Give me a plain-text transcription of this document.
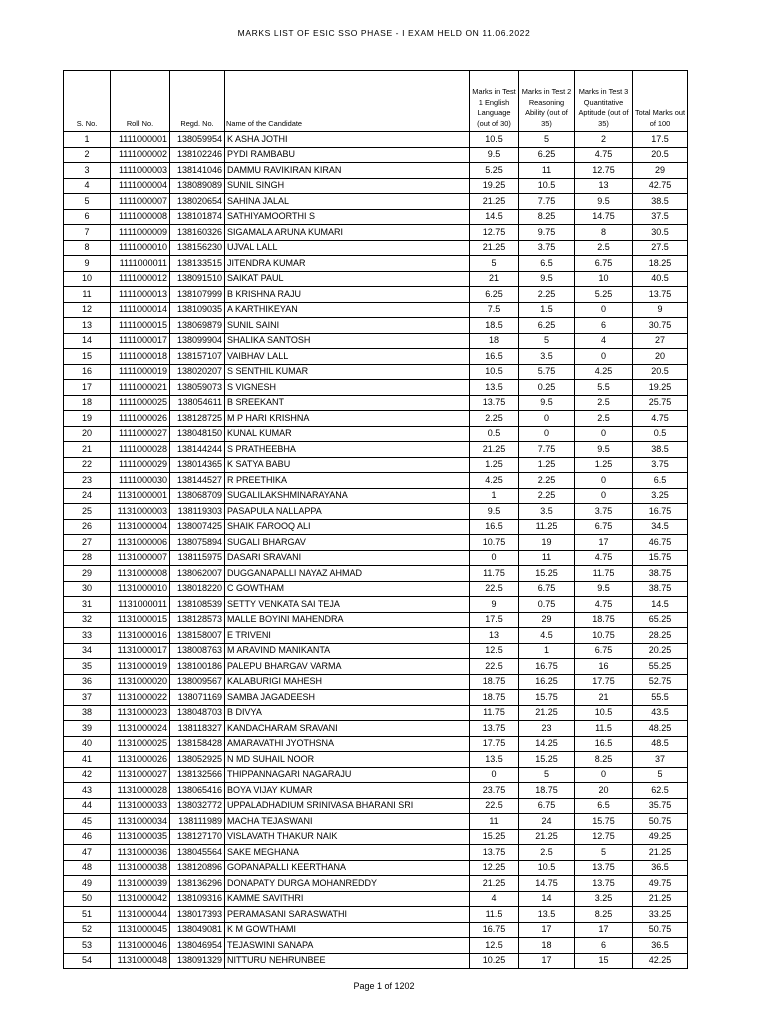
MARKS LIST OF ESIC SSO PHASE - I EXAM HELD ON 11.06.2022
S. No.	Roll No.	Regd. No.	Name of the Candidate	Marks in Test 1 English Language (out of 30)	Marks in Test 2 Reasoning Ability (out of 35)	Marks in Test 3 Quantitative Aptitude (out of 35)	Total Marks out of 100
1	1111000001	138059954	K ASHA JOTHI	10.5	5	2	17.5
2	1111000002	138102246	PYDI RAMBABU	9.5	6.25	4.75	20.5
3	1111000003	138141046	DAMMU RAVIKIRAN KIRAN	5.25	11	12.75	29
4	1111000004	138089089	SUNIL SINGH	19.25	10.5	13	42.75
5	1111000007	138020654	SAHINA JALAL	21.25	7.75	9.5	38.5
6	1111000008	138101874	SATHIYAMOORTHI S	14.5	8.25	14.75	37.5
7	1111000009	138160326	SIGAMALA ARUNA KUMARI	12.75	9.75	8	30.5
8	1111000010	138156230	UJVAL LALL	21.25	3.75	2.5	27.5
9	1111000011	138133515	JITENDRA KUMAR	5	6.5	6.75	18.25
10	1111000012	138091510	SAIKAT PAUL	21	9.5	10	40.5
11	1111000013	138107999	B KRISHNA RAJU	6.25	2.25	5.25	13.75
12	1111000014	138109035	A KARTHIKEYAN	7.5	1.5	0	9
13	1111000015	138069879	SUNIL SAINI	18.5	6.25	6	30.75
14	1111000017	138099904	SHALIKA SANTOSH	18	5	4	27
15	1111000018	138157107	VAIBHAV LALL	16.5	3.5	0	20
16	1111000019	138020207	S SENTHIL KUMAR	10.5	5.75	4.25	20.5
17	1111000021	138059073	S VIGNESH	13.5	0.25	5.5	19.25
18	1111000025	138054611	B SREEKANT	13.75	9.5	2.5	25.75
19	1111000026	138128725	M P HARI KRISHNA	2.25	0	2.5	4.75
20	1111000027	138048150	KUNAL KUMAR	0.5	0	0	0.5
21	1111000028	138144244	S PRATHEEBHA	21.25	7.75	9.5	38.5
22	1111000029	138014365	K SATYA BABU	1.25	1.25	1.25	3.75
23	1111000030	138144527	R PREETHIKA	4.25	2.25	0	6.5
24	1131000001	138068709	SUGALILAKSHMINARAYANA	1	2.25	0	3.25
25	1131000003	138119303	PASAPULA NALLAPPA	9.5	3.5	3.75	16.75
26	1131000004	138007425	SHAIK FAROOQ ALI	16.5	11.25	6.75	34.5
27	1131000006	138075894	SUGALI BHARGAV	10.75	19	17	46.75
28	1131000007	138115975	DASARI SRAVANI	0	11	4.75	15.75
29	1131000008	138062007	DUGGANAPALLI NAYAZ AHMAD	11.75	15.25	11.75	38.75
30	1131000010	138018220	C GOWTHAM	22.5	6.75	9.5	38.75
31	1131000011	138108539	SETTY VENKATA SAI TEJA	9	0.75	4.75	14.5
32	1131000015	138128573	MALLE BOYINI MAHENDRA	17.5	29	18.75	65.25
33	1131000016	138158007	E TRIVENI	13	4.5	10.75	28.25
34	1131000017	138008763	M ARAVIND MANIKANTA	12.5	1	6.75	20.25
35	1131000019	138100186	PALEPU BHARGAV VARMA	22.5	16.75	16	55.25
36	1131000020	138009567	KALABURIGI MAHESH	18.75	16.25	17.75	52.75
37	1131000022	138071169	SAMBA JAGADEESH	18.75	15.75	21	55.5
38	1131000023	138048703	B DIVYA	11.75	21.25	10.5	43.5
39	1131000024	138118327	KANDACHARAM SRAVANI	13.75	23	11.5	48.25
40	1131000025	138158428	AMARAVATHI JYOTHSNA	17.75	14.25	16.5	48.5
41	1131000026	138052925	N MD SUHAIL NOOR	13.5	15.25	8.25	37
42	1131000027	138132566	THIPPANNAGARI NAGARAJU	0	5	0	5
43	1131000028	138065416	BOYA VIJAY KUMAR	23.75	18.75	20	62.5
44	1131000033	138032772	UPPALADHADIUM SRINIVASA BHARANI SRI	22.5	6.75	6.5	35.75
45	1131000034	138111989	MACHA TEJASWANI	11	24	15.75	50.75
46	1131000035	138127170	VISLAVATH THAKUR NAIK	15.25	21.25	12.75	49.25
47	1131000036	138045564	SAKE MEGHANA	13.75	2.5	5	21.25
48	1131000038	138120896	GOPANAPALLI KEERTHANA	12.25	10.5	13.75	36.5
49	1131000039	138136296	DONAPATY DURGA MOHANREDDY	21.25	14.75	13.75	49.75
50	1131000042	138109316	KAMME SAVITHRI	4	14	3.25	21.25
51	1131000044	138017393	PERAMASANI SARASWATHI	11.5	13.5	8.25	33.25
52	1131000045	138049081	K M GOWTHAMI	16.75	17	17	50.75
53	1131000046	138046954	TEJASWINI SANAPA	12.5	18	6	36.5
54	1131000048	138091329	NITTURU NEHRUNBEE	10.25	17	15	42.25
Page 1 of 1202
